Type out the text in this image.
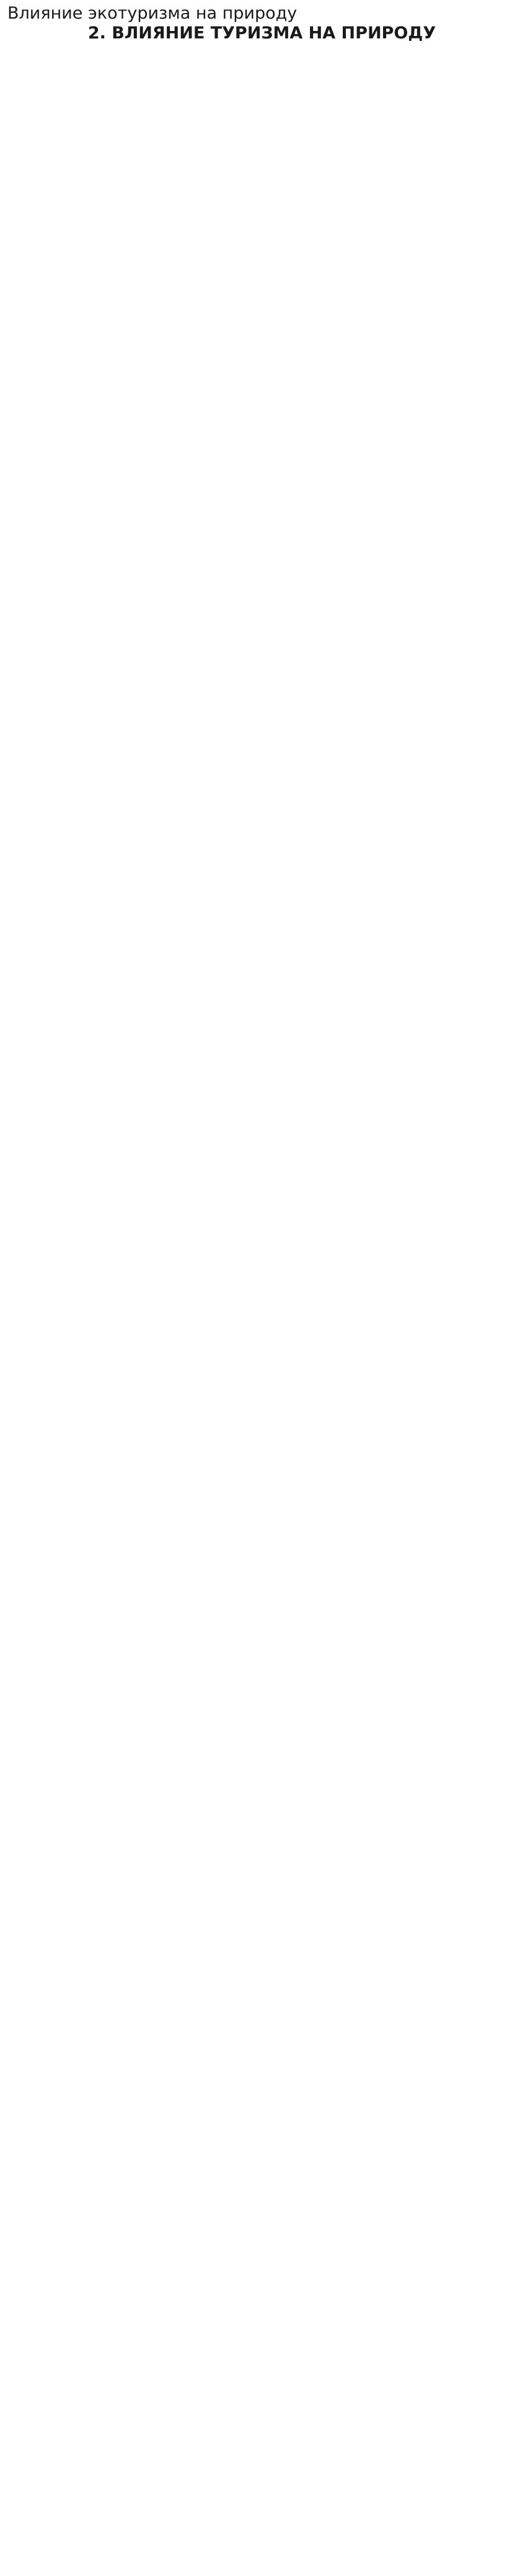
Влияние экотуризма на природу
2. ВЛИЯНИЕ ТУРИЗМА НА ПРИРОДУ
